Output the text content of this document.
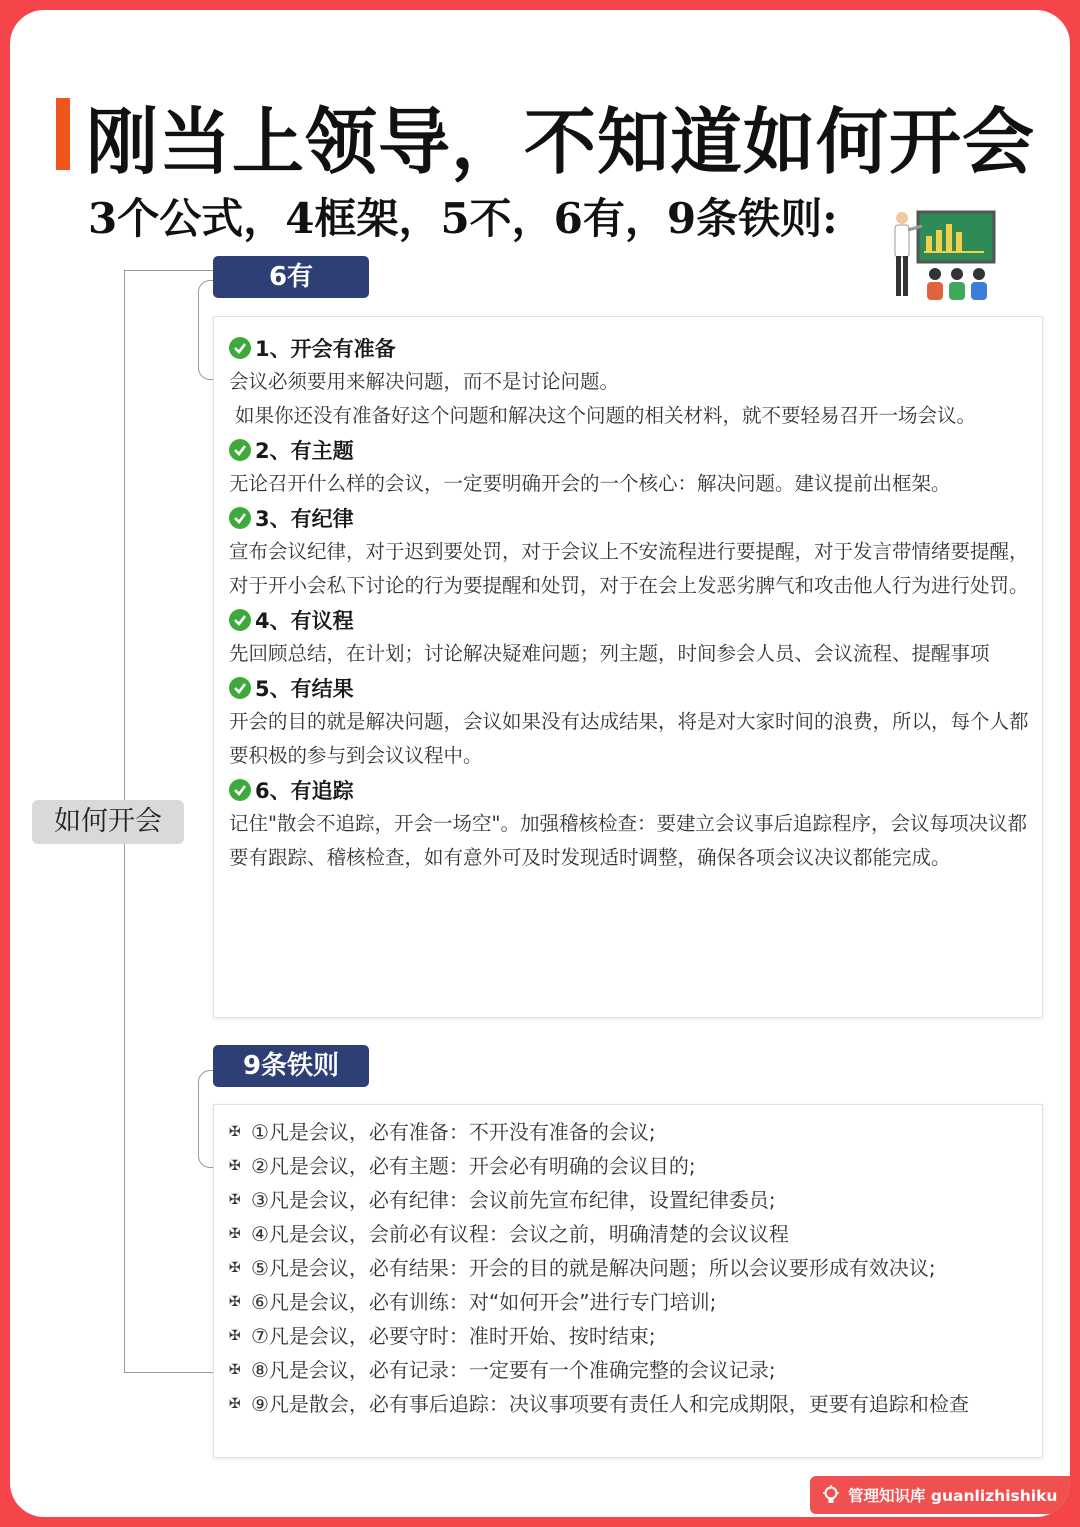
刚当上领导，不知道如何开会
3个公式，4框架，5不，6有，9条铁则:
如何开会
6有
1、开会有准备

会议必须要用来解决问题，而不是讨论问题。

如果你还没有准备好这个问题和解决这个问题的相关材料，就不要轻易召开一场会议。

2、有主题

无论召开什么样的会议，一定要明确开会的一个核心：解决问题。建议提前出框架。

3、有纪律

宣布会议纪律，对于迟到要处罚，对于会议上不安流程进行要提醒，对于发言带情绪要提醒，对于开小会私下讨论的行为要提醒和处罚，对于在会上发恶劣脾气和攻击他人行为进行处罚。

4、有议程

先回顾总结，在计划；讨论解决疑难问题；列主题，时间参会人员、会议流程、提醒事项

5、有结果

开会的目的就是解决问题，会议如果没有达成结果，将是对大家时间的浪费，所以，每个人都要积极的参与到会议议程中。

6、有追踪

记住"散会不追踪，开会一场空"。加强稽核检查：要建立会议事后追踪程序，会议每项决议都要有跟踪、稽核检查，如有意外可及时发现适时调整，确保各项会议决议都能完成。

9条铁则
✠ ①凡是会议，必有准备：不开没有准备的会议;
✠ ②凡是会议，必有主题：开会必有明确的会议目的;
✠ ③凡是会议，必有纪律：会议前先宣布纪律，设置纪律委员;
✠ ④凡是会议，会前必有议程：会议之前，明确清楚的会议议程
✠ ⑤凡是会议，必有结果：开会的目的就是解决问题；所以会议要形成有效决议;
✠ ⑥凡是会议，必有训练：对“如何开会”进行专门培训;
✠ ⑦凡是会议，必要守时：准时开始、按时结束;
✠ ⑧凡是会议，必有记录：一定要有一个准确完整的会议记录;
✠ ⑨凡是散会，必有事后追踪：决议事项要有责任人和完成期限，更要有追踪和检查
管理知识库 guanlizhishiku
